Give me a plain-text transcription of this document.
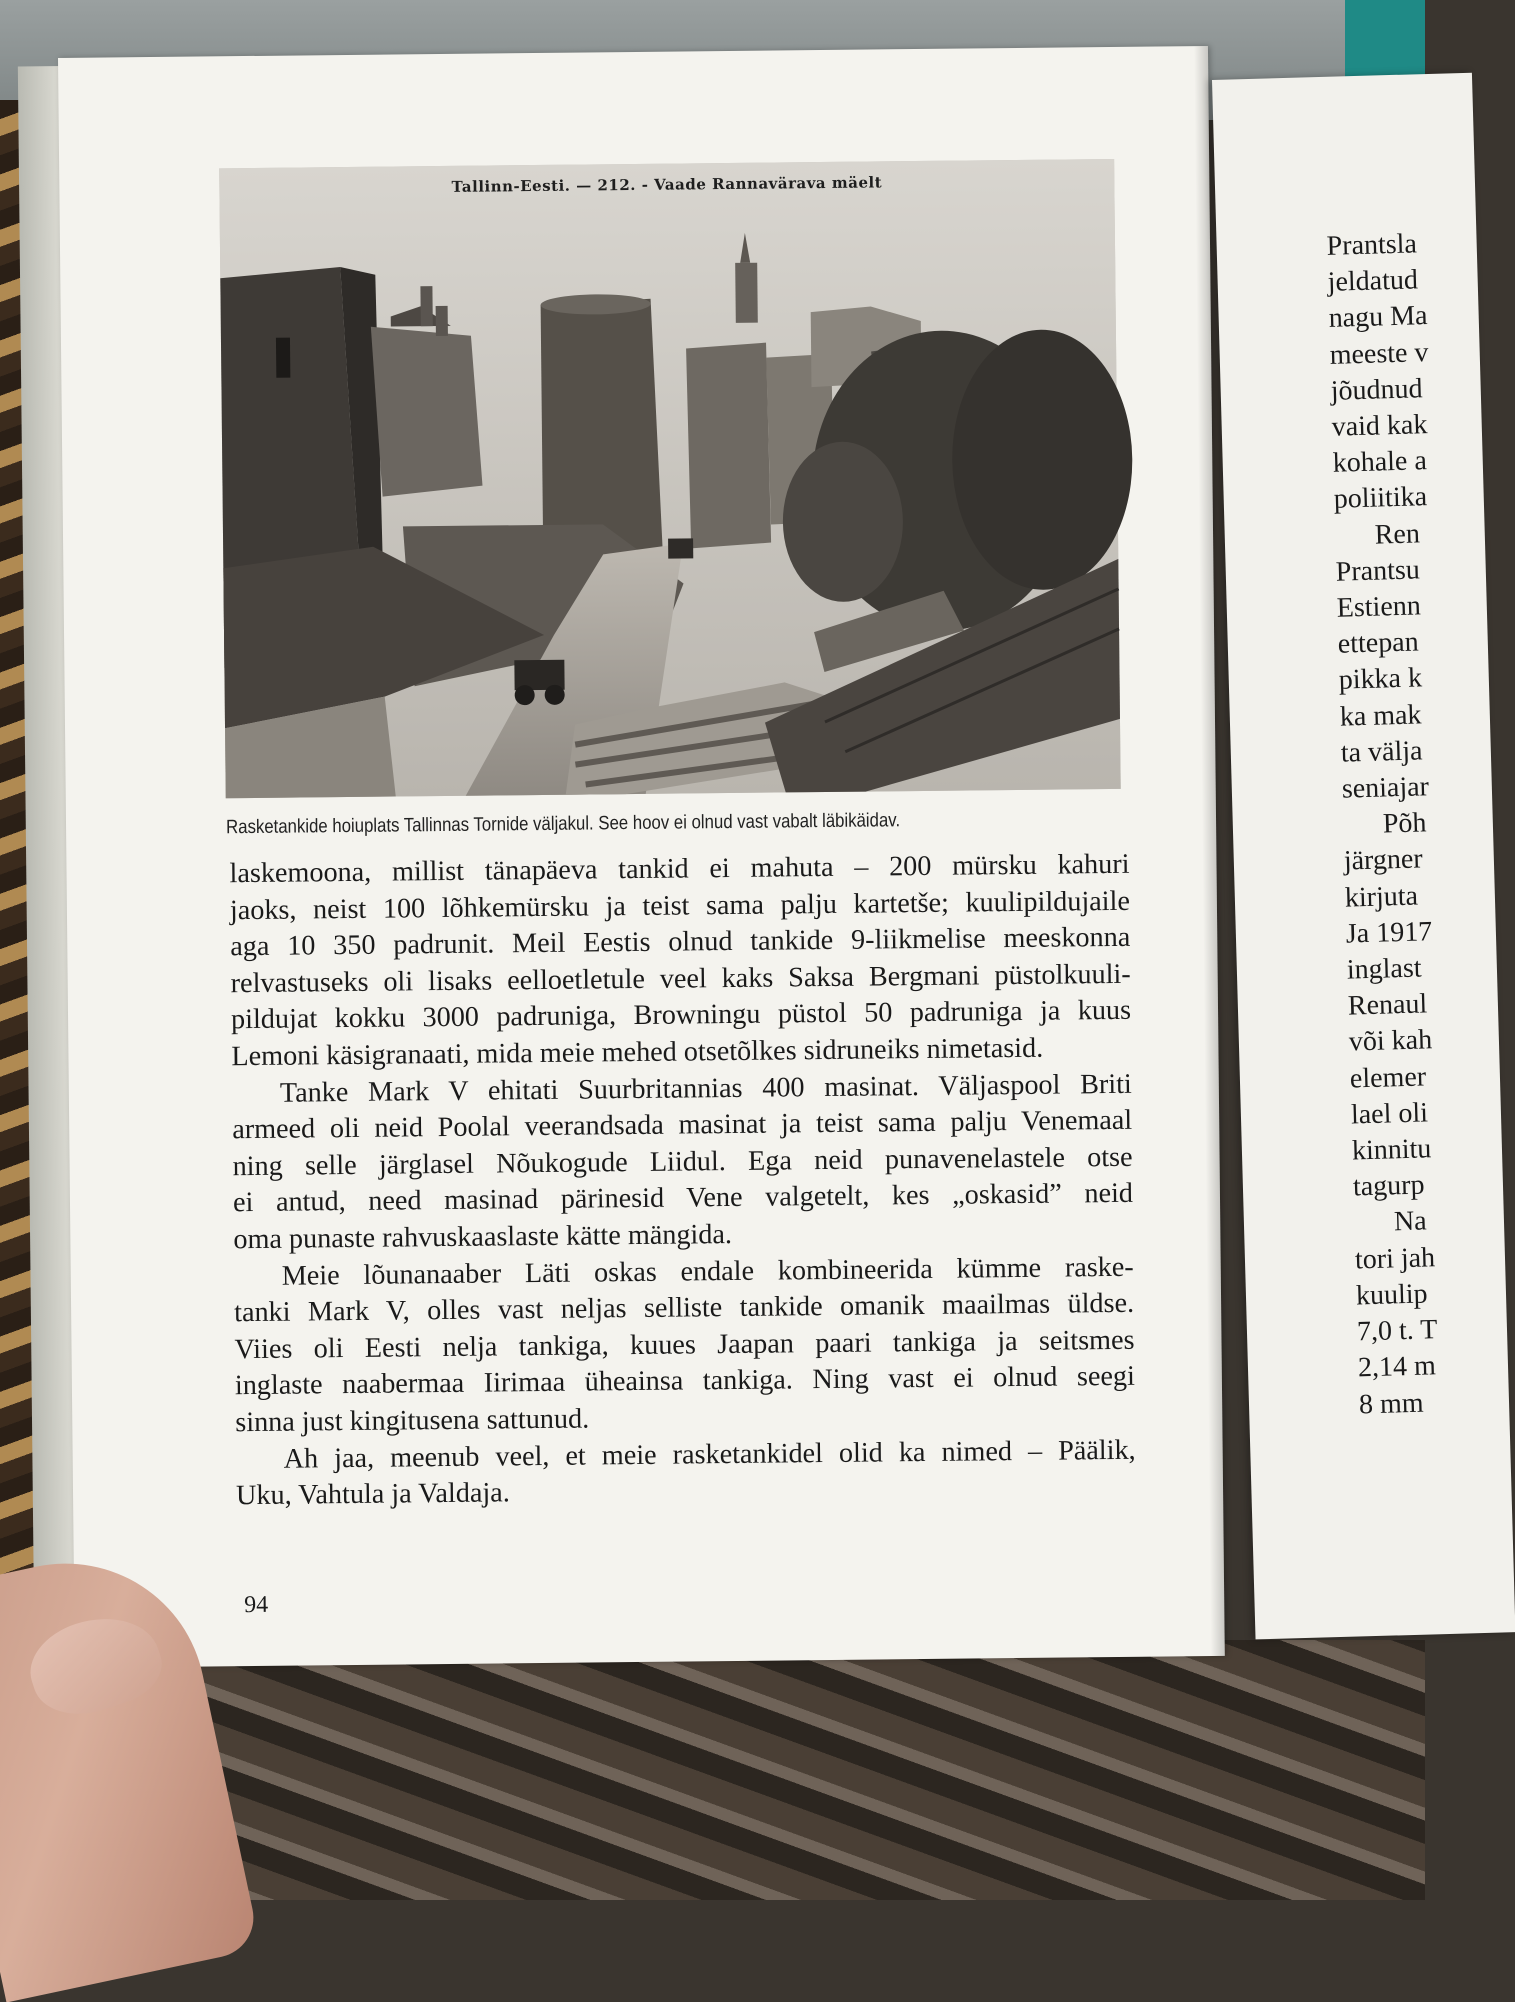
Tallinn-Eesti. — 212. - Vaade Rannavärava mäelt
Rasketankide hoiuplats Tallinnas Tornide väljakul. See hoov ei olnud vast vabalt läbikäidav.
laskemoona, millist tänapäeva tankid ei mahuta – 200 mürsku kahuri
jaoks, neist 100 lõhkemürsku ja teist sama palju kartetše; kuulipildujaile
aga 10 350 padrunit. Meil Eestis olnud tankide 9-liikmelise meeskonna
relvastuseks oli lisaks eelloetletule veel kaks Saksa Bergmani püstolkuuli-
pildujat kokku 3000 padruniga, Browningu püstol 50 padruniga ja kuus
Lemoni käsigranaati, mida meie mehed otsetõlkes sidruneiks nimetasid.
Tanke Mark V ehitati Suurbritannias 400 masinat. Väljaspool Briti
armeed oli neid Poolal veerandsada masinat ja teist sama palju Venemaal
ning selle järglasel Nõukogude Liidul. Ega neid punavenelastele otse
ei antud, need masinad pärinesid Vene valgetelt, kes „oskasid” neid
oma punaste rahvuskaaslaste kätte mängida.
Meie lõunanaaber Läti oskas endale kombineerida kümme raske-
tanki Mark V, olles vast neljas selliste tankide omanik maailmas üldse.
Viies oli Eesti nelja tankiga, kuues Jaapan paari tankiga ja seitsmes
inglaste naabermaa Iirimaa üheainsa tankiga. Ning vast ei olnud seegi
sinna just kingitusena sattunud.
Ah jaa, meenub veel, et meie rasketankidel olid ka nimed – Päälik,
Uku, Vahtula ja Valdaja.
94
Prantsla
jeldatud
nagu Ma
meeste v
jõudnud
vaid kak
kohale a
poliitika
Ren
Prantsu
Estienn
ettepan
pikka k
ka mak
ta välja
seniajar
Põh
järgner
kirjuta
Ja 1917
inglast
Renaul
või kah
elemer
lael oli
kinnitu
tagurp
Na
tori jah
kuulip
7,0 t. T
2,14 m
8 mm
